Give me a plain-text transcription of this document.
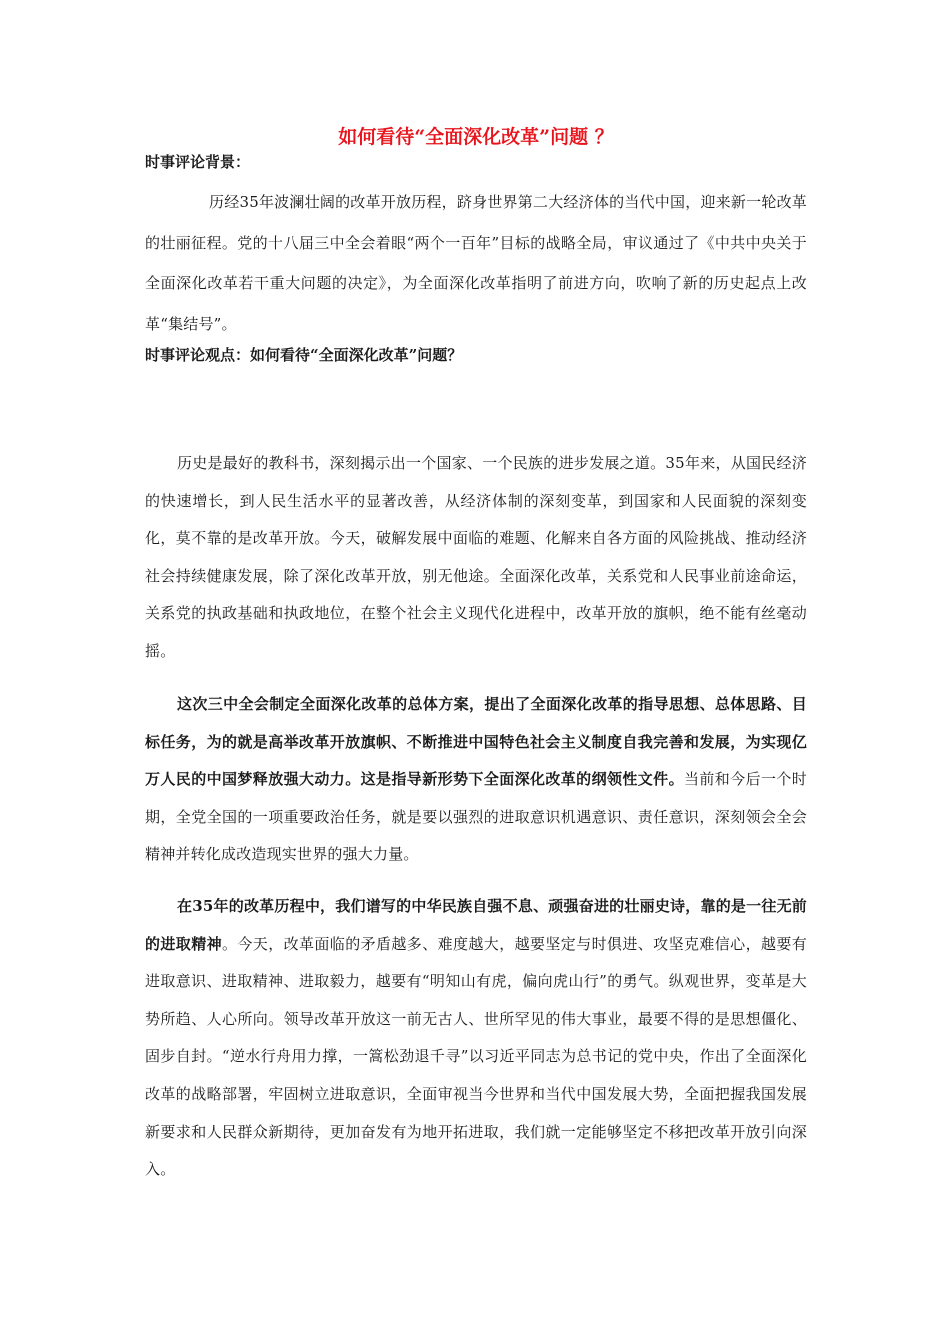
如何看待“全面深化改革”问题 ？

时事评论背景：

历经35年波澜壮阔的改革开放历程，跻身世界第二大经济体的当代中国，迎来新一轮改革的壮丽征程。党的十八届三中全会着眼“两个一百年”目标的战略全局，审议通过了《中共中央关于全面深化改革若干重大问题的决定》，为全面深化改革指明了前进方向，吹响了新的历史起点上改革“集结号”。

时事评论观点：如何看待“全面深化改革”问题？

历史是最好的教科书，深刻揭示出一个国家、一个民族的进步发展之道。35年来，从国民经济的快速增长，到人民生活水平的显著改善，从经济体制的深刻变革，到国家和人民面貌的深刻变化，莫不靠的是改革开放。今天，破解发展中面临的难题、化解来自各方面的风险挑战、推动经济社会持续健康发展，除了深化改革开放，别无他途。全面深化改革，关系党和人民事业前途命运，关系党的执政基础和执政地位，在整个社会主义现代化进程中，改革开放的旗帜，绝不能有丝毫动摇。

这次三中全会制定全面深化改革的总体方案，提出了全面深化改革的指导思想、总体思路、目标任务，为的就是高举改革开放旗帜、不断推进中国特色社会主义制度自我完善和发展，为实现亿万人民的中国梦释放强大动力。这是指导新形势下全面深化改革的纲领性文件。当前和今后一个时期，全党全国的一项重要政治任务，就是要以强烈的进取意识机遇意识、责任意识，深刻领会全会精神并转化成改造现实世界的强大力量。

在35年的改革历程中，我们谱写的中华民族自强不息、顽强奋进的壮丽史诗，靠的是一往无前的进取精神。今天，改革面临的矛盾越多、难度越大，越要坚定与时俱进、攻坚克难信心，越要有进取意识、进取精神、进取毅力，越要有“明知山有虎，偏向虎山行”的勇气。纵观世界，变革是大势所趋、人心所向。领导改革开放这一前无古人、世所罕见的伟大事业，最要不得的是思想僵化、固步自封。“逆水行舟用力撑，一篙松劲退千寻”以习近平同志为总书记的党中央，作出了全面深化改革的战略部署，牢固树立进取意识，全面审视当今世界和当代中国发展大势，全面把握我国发展新要求和人民群众新期待，更加奋发有为地开拓进取，我们就一定能够坚定不移把改革开放引向深入。
